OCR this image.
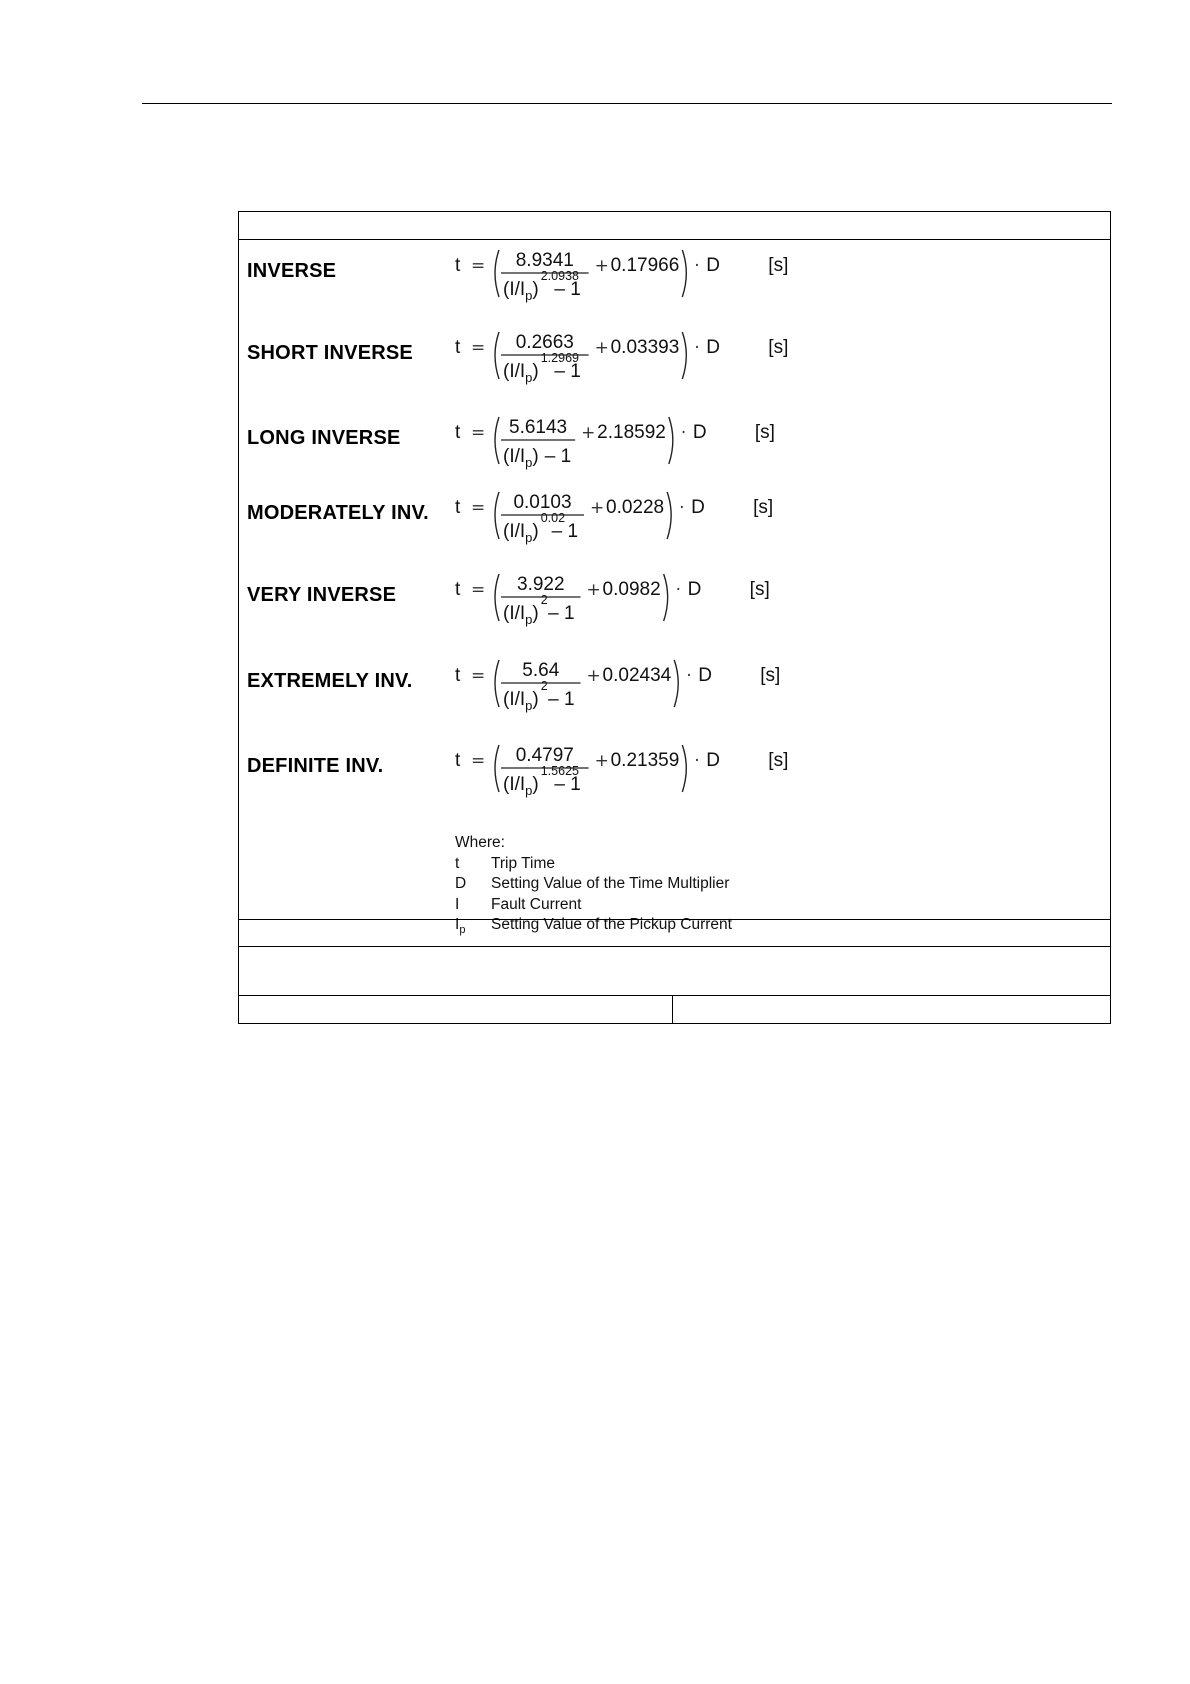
INVERSE	t = 8.9341
$(I/I_p)$
2.0938
– 1
+ 0.17966 · D	[s]
SHORT INVERSE t = 0.2663
$(I/I_p)$
1.2969
– 1
+ 0.03393 · D	[s]
LONG INVERSE	t = 5.6143
$(I/I_p) - 1$
+ 2.18592 · D	[s]
MODERATELY INV. t = 0.0103
$(I/I_p)$
0.02
– 1
+ 0.0228 · D	[s]
VERY INVERSE	t = 3.922
$(I/I_p)$
2
– 1
+ 0.0982 · D	[s]
EXTREMELY INV. t = 5.64
$(I/I_p)$
2
– 1
+ 0.02434 · D	[s]
DEFINITE INV.	t = 0.4797
$(I/I_p)$
1.5625
– 1
+ 0.21359 · D	[s]
Where:
t Trip Time
D Setting Value of the Time Multiplier
I Fault Current
$I_p$ Setting Value of the Pickup Current
